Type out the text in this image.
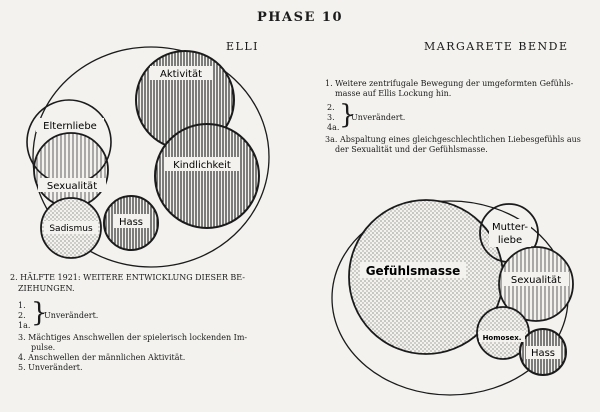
PHASE 10
ELLI	MARGARETE BENDE
Aktivität
Elternliebe
Sexualität
Kindlichkeit
Sadismus
Hass
Gefühlsmasse
Mutter-
liebe
Sexualität
Homosex.
Hass
2. HÄLFTE 1921: WEITERE ENTWICKLUNG DIESER BE-
ZIEHUNGEN.
1.
2.
1a. }
Unverändert.
3. Mächtiges Anschwellen der spielerisch lockenden Im-
pulse.
4. Anschwellen der männlichen Aktivität.
5. Unverändert.
1. Weitere zentrifugale Bewegung der umgeformten Gefühls-
masse auf Ellis Lockung hin.
2.
3.
4a. }
Unverändert.
3a. Abspaltung eines gleichgeschlechtlichen Liebesgefühls aus
der Sexualität und der Gefühlsmasse.
